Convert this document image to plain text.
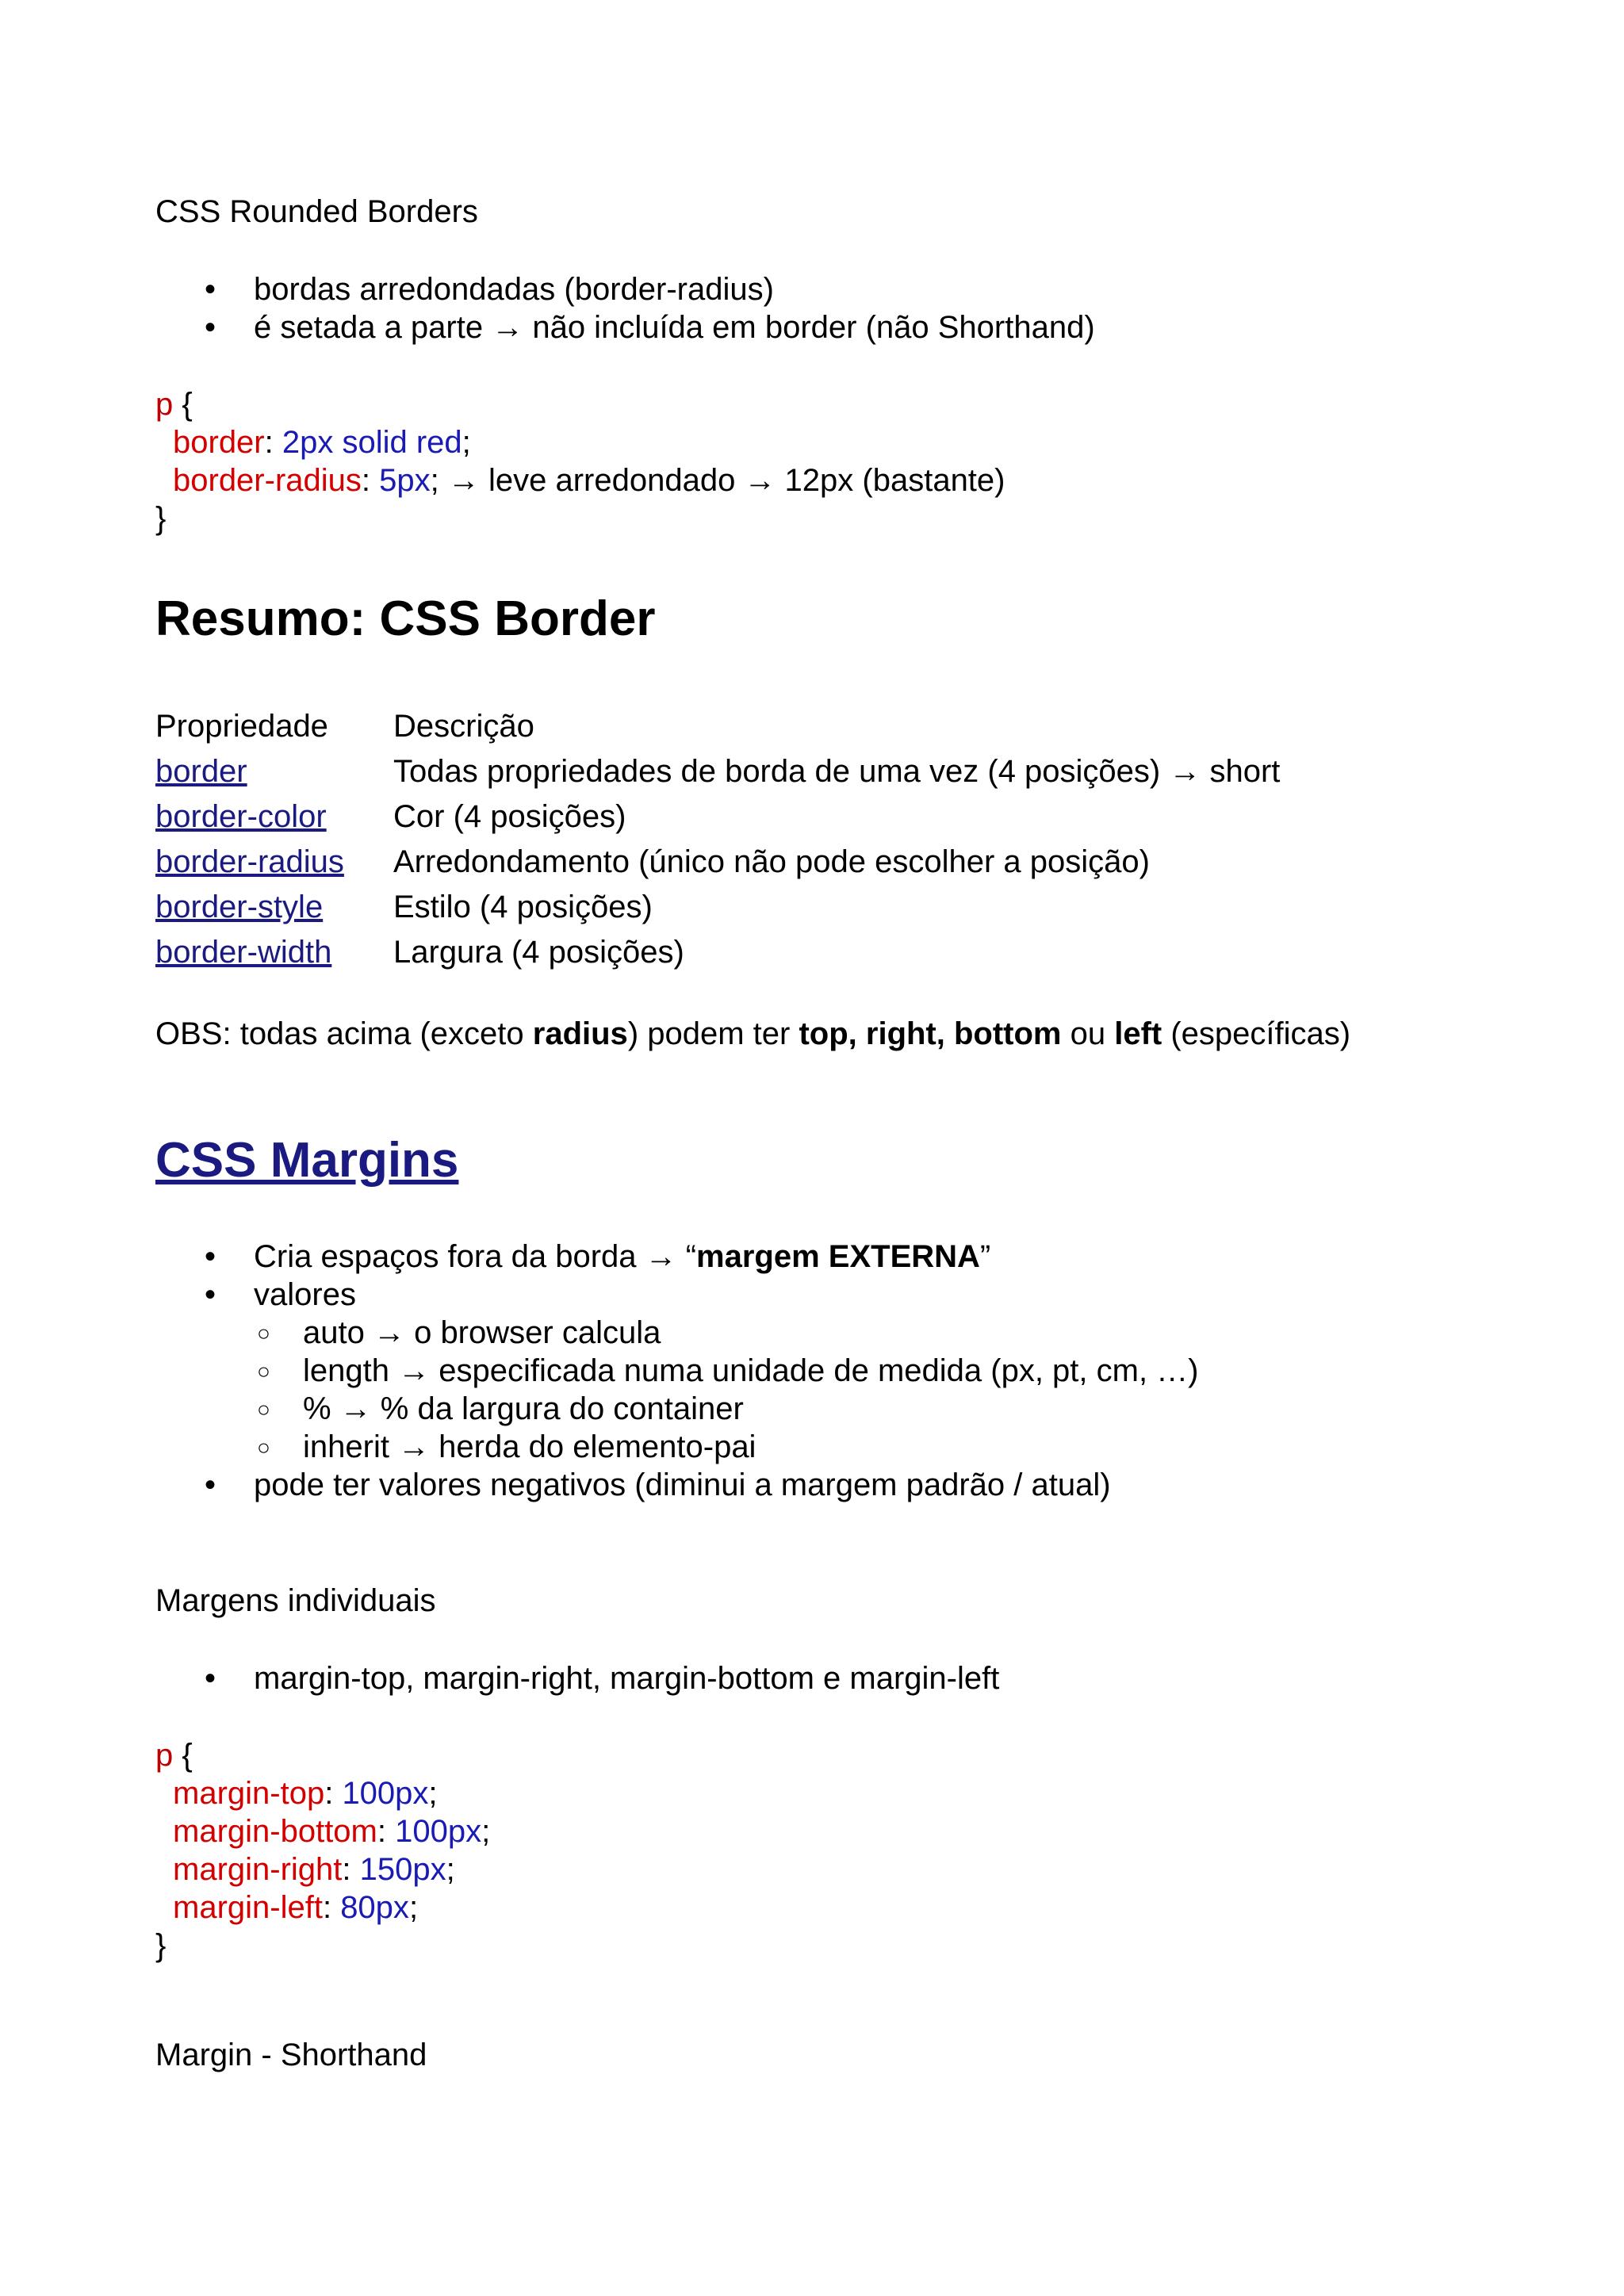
CSS Rounded Borders
• bordas arredondadas (border-radius)
• é setada a parte → não incluída em border (não Shorthand)
p {
border: 2px solid red;
border-radius: 5px; → leve arredondado → 12px (bastante)
}
Resumo: CSS Border
Propriedade	Descrição
border	Todas propriedades de borda de uma vez (4 posições) → short
border-color	Cor (4 posições)
border-radius	Arredondamento (único não pode escolher a posição)
border-style	Estilo (4 posições)
border-width	Largura (4 posições)
OBS: todas acima (exceto radius) podem ter top, right, bottom ou left (específicas)
CSS Margins
• Cria espaços fora da borda → “margem EXTERNA”
• valores
○ auto → o browser calcula
○ length → especificada numa unidade de medida (px, pt, cm, …)
○ % → % da largura do container
○ inherit → herda do elemento-pai
• pode ter valores negativos (diminui a margem padrão / atual)
Margens individuais
• margin-top, margin-right, margin-bottom e margin-left
p {
margin-top: 100px;
margin-bottom: 100px;
margin-right: 150px;
margin-left: 80px;
}
Margin - Shorthand
